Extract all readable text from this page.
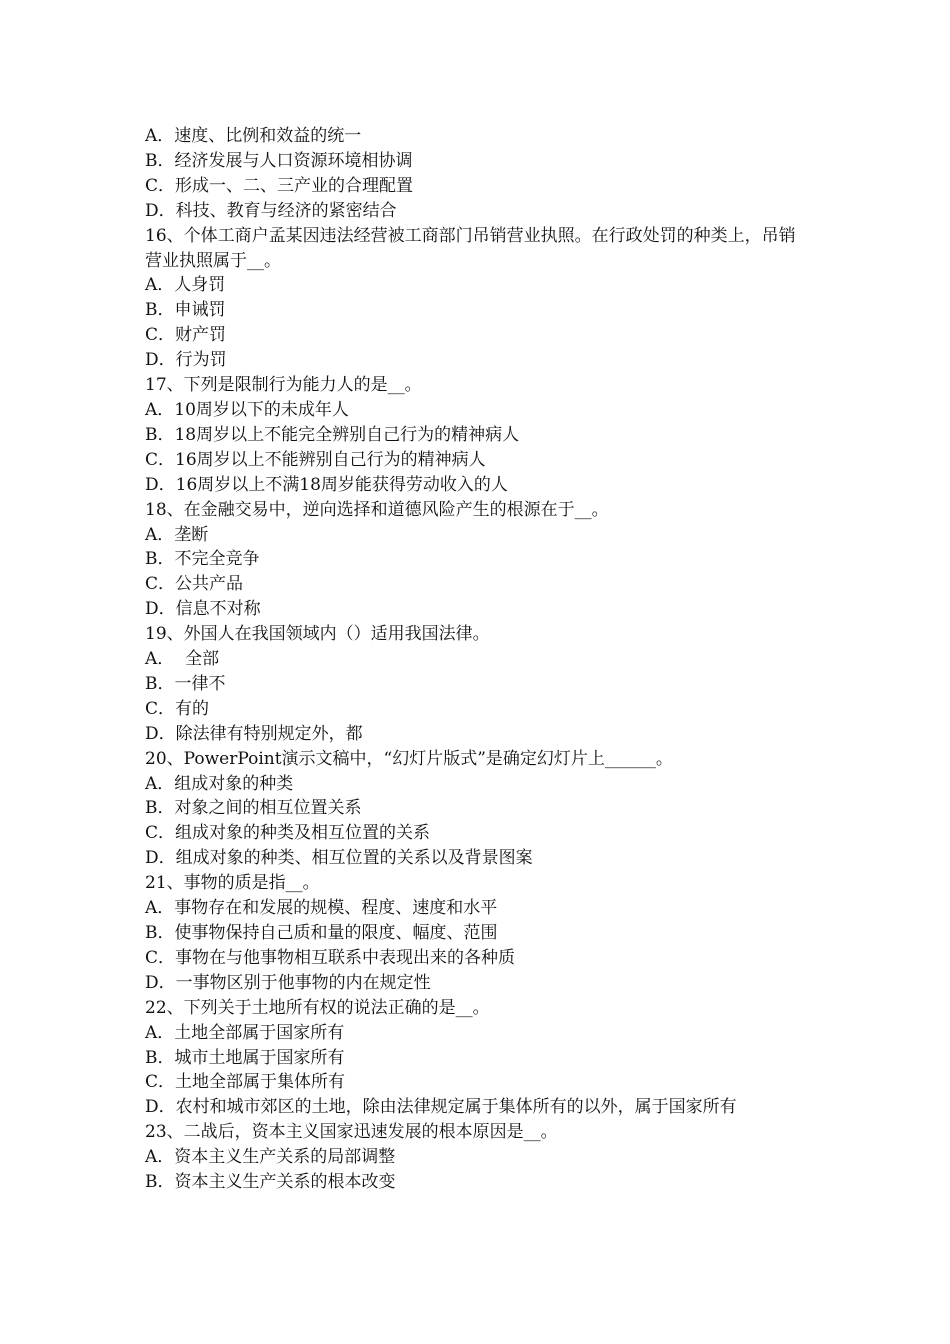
A．速度、比例和效益的统一

B．经济发展与人口资源环境相协调

C．形成一、二、三产业的合理配置

D．科技、教育与经济的紧密结合

16、个体工商户孟某因违法经营被工商部门吊销营业执照。在行政处罚的种类上，吊销营业执照属于__。

A．人身罚

B．申诫罚

C．财产罚

D．行为罚

17、下列是限制行为能力人的是__。

A．10周岁以下的未成年人

B．18周岁以上不能完全辨别自己行为的精神病人

C．16周岁以上不能辨别自己行为的精神病人

D．16周岁以上不满18周岁能获得劳动收入的人

18、在金融交易中，逆向选择和道德风险产生的根源在于__。

A．垄断

B．不完全竞争

C．公共产品

D．信息不对称

19、外国人在我国领域内（）适用我国法律。

A．  全部

B．一律不

C．有的

D．除法律有特别规定外，都

20、PowerPoint演示文稿中，“幻灯片版式”是确定幻灯片上______。

A．组成对象的种类

B．对象之间的相互位置关系

C．组成对象的种类及相互位置的关系

D．组成对象的种类、相互位置的关系以及背景图案

21、事物的质是指__。

A．事物存在和发展的规模、程度、速度和水平

B．使事物保持自己质和量的限度、幅度、范围

C．事物在与他事物相互联系中表现出来的各种质

D．一事物区别于他事物的内在规定性

22、下列关于土地所有权的说法正确的是__。

A．土地全部属于国家所有

B．城市土地属于国家所有

C．土地全部属于集体所有

D．农村和城市郊区的土地，除由法律规定属于集体所有的以外，属于国家所有

23、二战后，资本主义国家迅速发展的根本原因是__。

A．资本主义生产关系的局部调整

B．资本主义生产关系的根本改变
